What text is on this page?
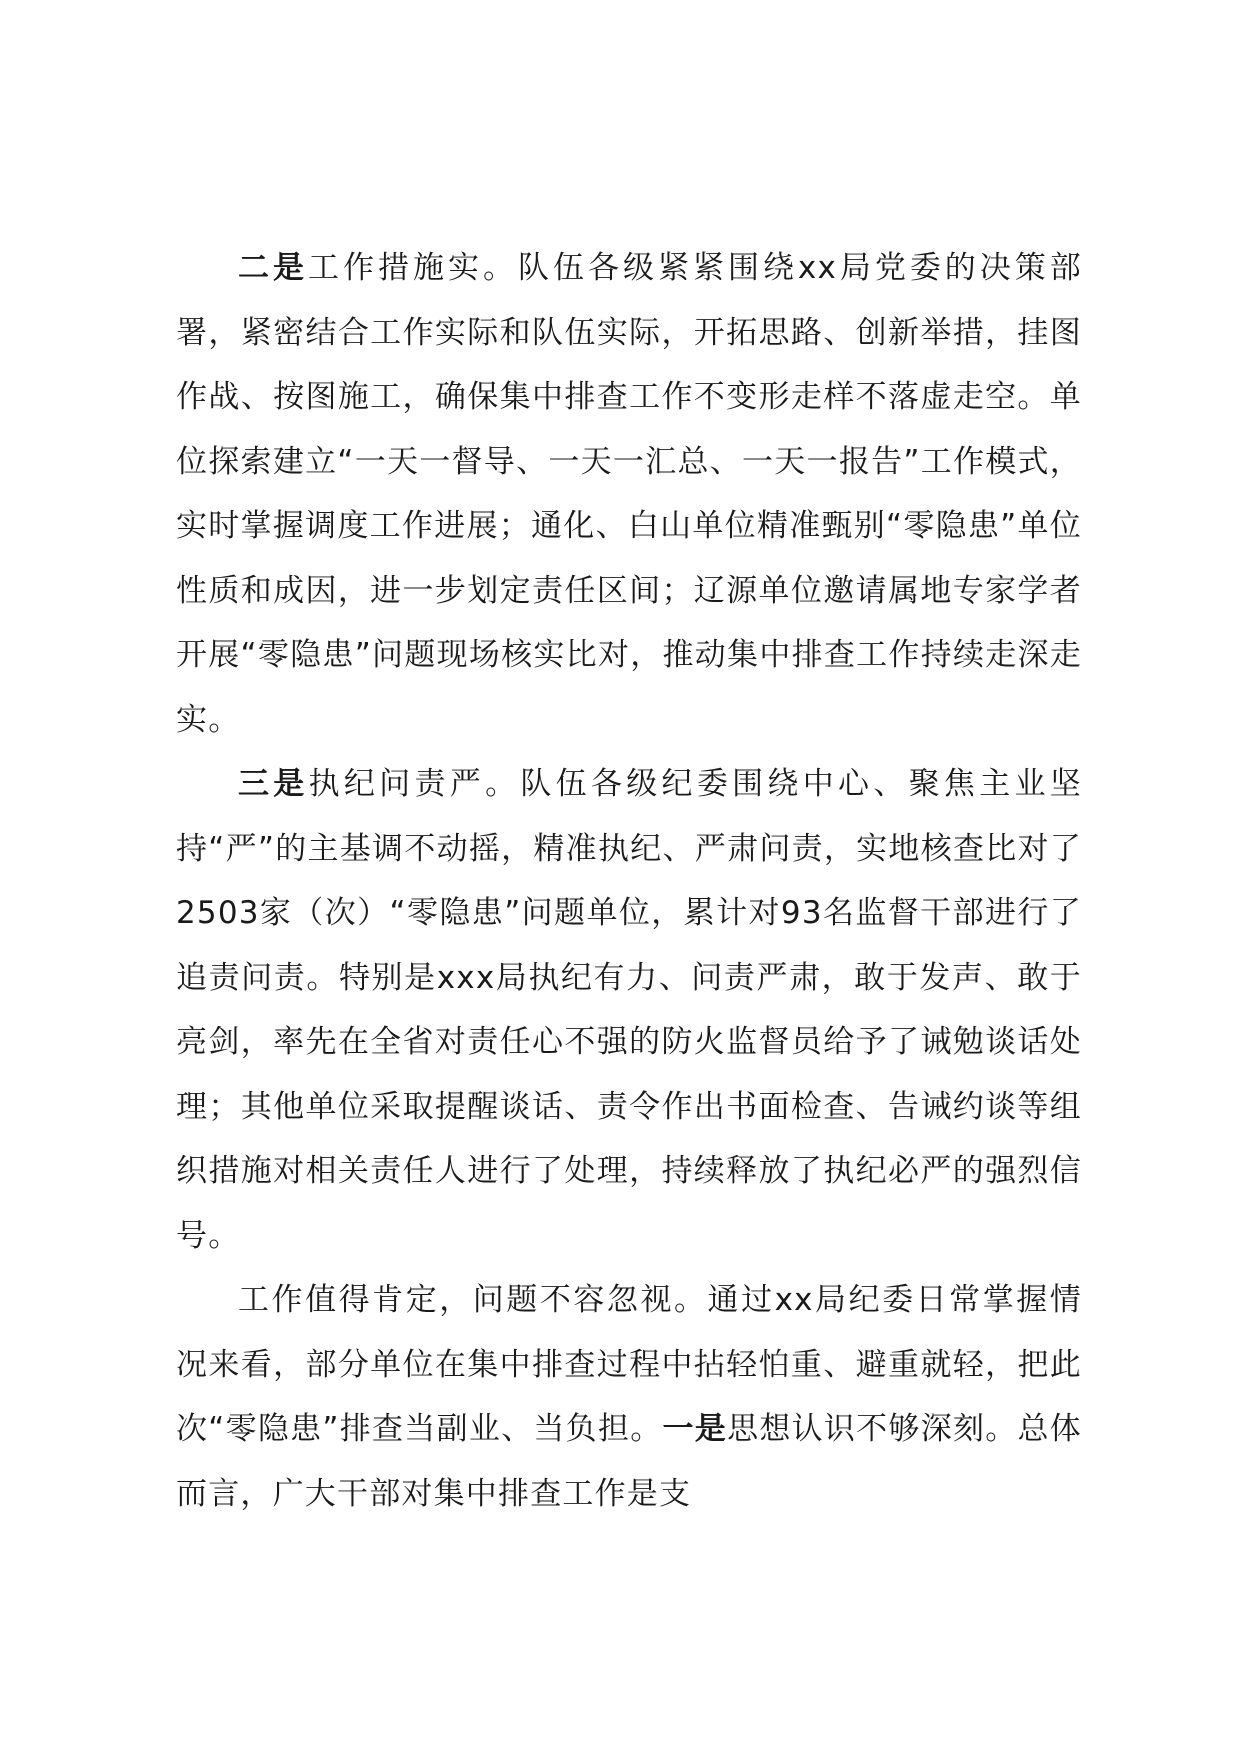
二是工作措施实。队伍各级紧紧围绕xx局党委的决策部署，紧密结合工作实际和队伍实际，开拓思路、创新举措，挂图作战、按图施工，确保集中排查工作不变形走样不落虚走空。单位探索建立“一天一督导、一天一汇总、一天一报告”工作模式，实时掌握调度工作进展；通化、白山单位精准甄别“零隐患”单位性质和成因，进一步划定责任区间；辽源单位邀请属地专家学者开展“零隐患”问题现场核实比对，推动集中排查工作持续走深走实。

三是执纪问责严。队伍各级纪委围绕中心、聚焦主业坚持“严”的主基调不动摇，精准执纪、严肃问责，实地核查比对了2503家（次）“零隐患”问题单位，累计对93名监督干部进行了追责问责。特别是xxx局执纪有力、问责严肃，敢于发声、敢于亮剑，率先在全省对责任心不强的防火监督员给予了诫勉谈话处理；其他单位采取提醒谈话、责令作出书面检查、告诫约谈等组织措施对相关责任人进行了处理，持续释放了执纪必严的强烈信号。

工作值得肯定，问题不容忽视。通过xx局纪委日常掌握情况来看，部分单位在集中排查过程中拈轻怕重、避重就轻，把此次“零隐患”排查当副业、当负担。一是思想认识不够深刻。总体而言，广大干部对集中排查工作是支
